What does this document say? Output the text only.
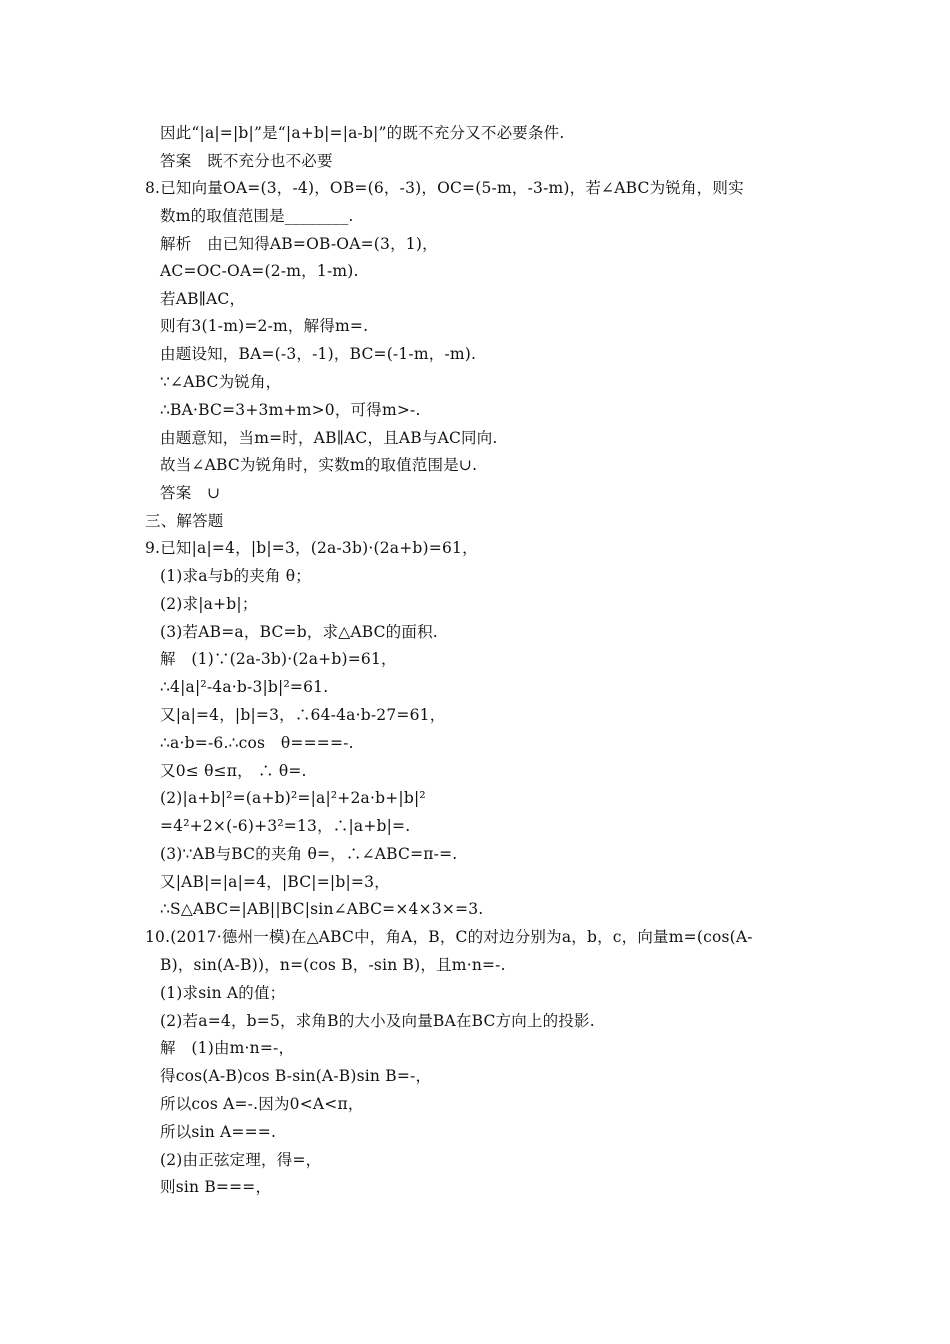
因此“|a|=|b|”是“|a+b|=|a-b|”的既不充分又不必要条件.
答案　既不充分也不必要
8.已知向量OA=(3，-4)，OB=(6，-3)，OC=(5-m，-3-m)，若∠ABC为锐角，则实
数m的取值范围是________.
解析　由已知得AB=OB-OA=(3，1)，
AC=OC-OA=(2-m，1-m).
若AB∥AC，
则有3(1-m)=2-m，解得m=.
由题设知，BA=(-3，-1)，BC=(-1-m，-m).
∵∠ABC为锐角，
∴BA·BC=3+3m+m>0，可得m>-.
由题意知，当m=时，AB∥AC，且AB与AC同向.
故当∠ABC为锐角时，实数m的取值范围是∪.
答案　∪
三、解答题
9.已知|a|=4，|b|=3，(2a-3b)·(2a+b)=61，
(1)求a与b的夹角 θ；
(2)求|a+b|；
(3)若AB=a，BC=b，求△ABC的面积.
解　(1)∵(2a-3b)·(2a+b)=61，
∴4|a|²-4a·b-3|b|²=61.
又|a|=4，|b|=3，∴64-4a·b-27=61，
∴a·b=-6.∴cos　θ====-.
又0≤ θ≤π， ∴ θ=.
(2)|a+b|²=(a+b)²=|a|²+2a·b+|b|²
=4²+2×(-6)+3²=13，∴|a+b|=.
(3)∵AB与BC的夹角 θ=，∴∠ABC=π-=.
又|AB|=|a|=4，|BC|=|b|=3，
∴S△ABC=|AB||BC|sin∠ABC=×4×3×=3.
10.(2017·德州一模)在△ABC中，角A，B，C的对边分别为a，b，c，向量m=(cos(A-
B)，sin(A-B))，n=(cos B，-sin B)，且m·n=-.
(1)求sin A的值；
(2)若a=4，b=5，求角B的大小及向量BA在BC方向上的投影.
解　(1)由m·n=-，
得cos(A-B)cos B-sin(A-B)sin B=-，
所以cos A=-.因为0<A<π，
所以sin A===.
(2)由正弦定理，得=，
则sin B===，
